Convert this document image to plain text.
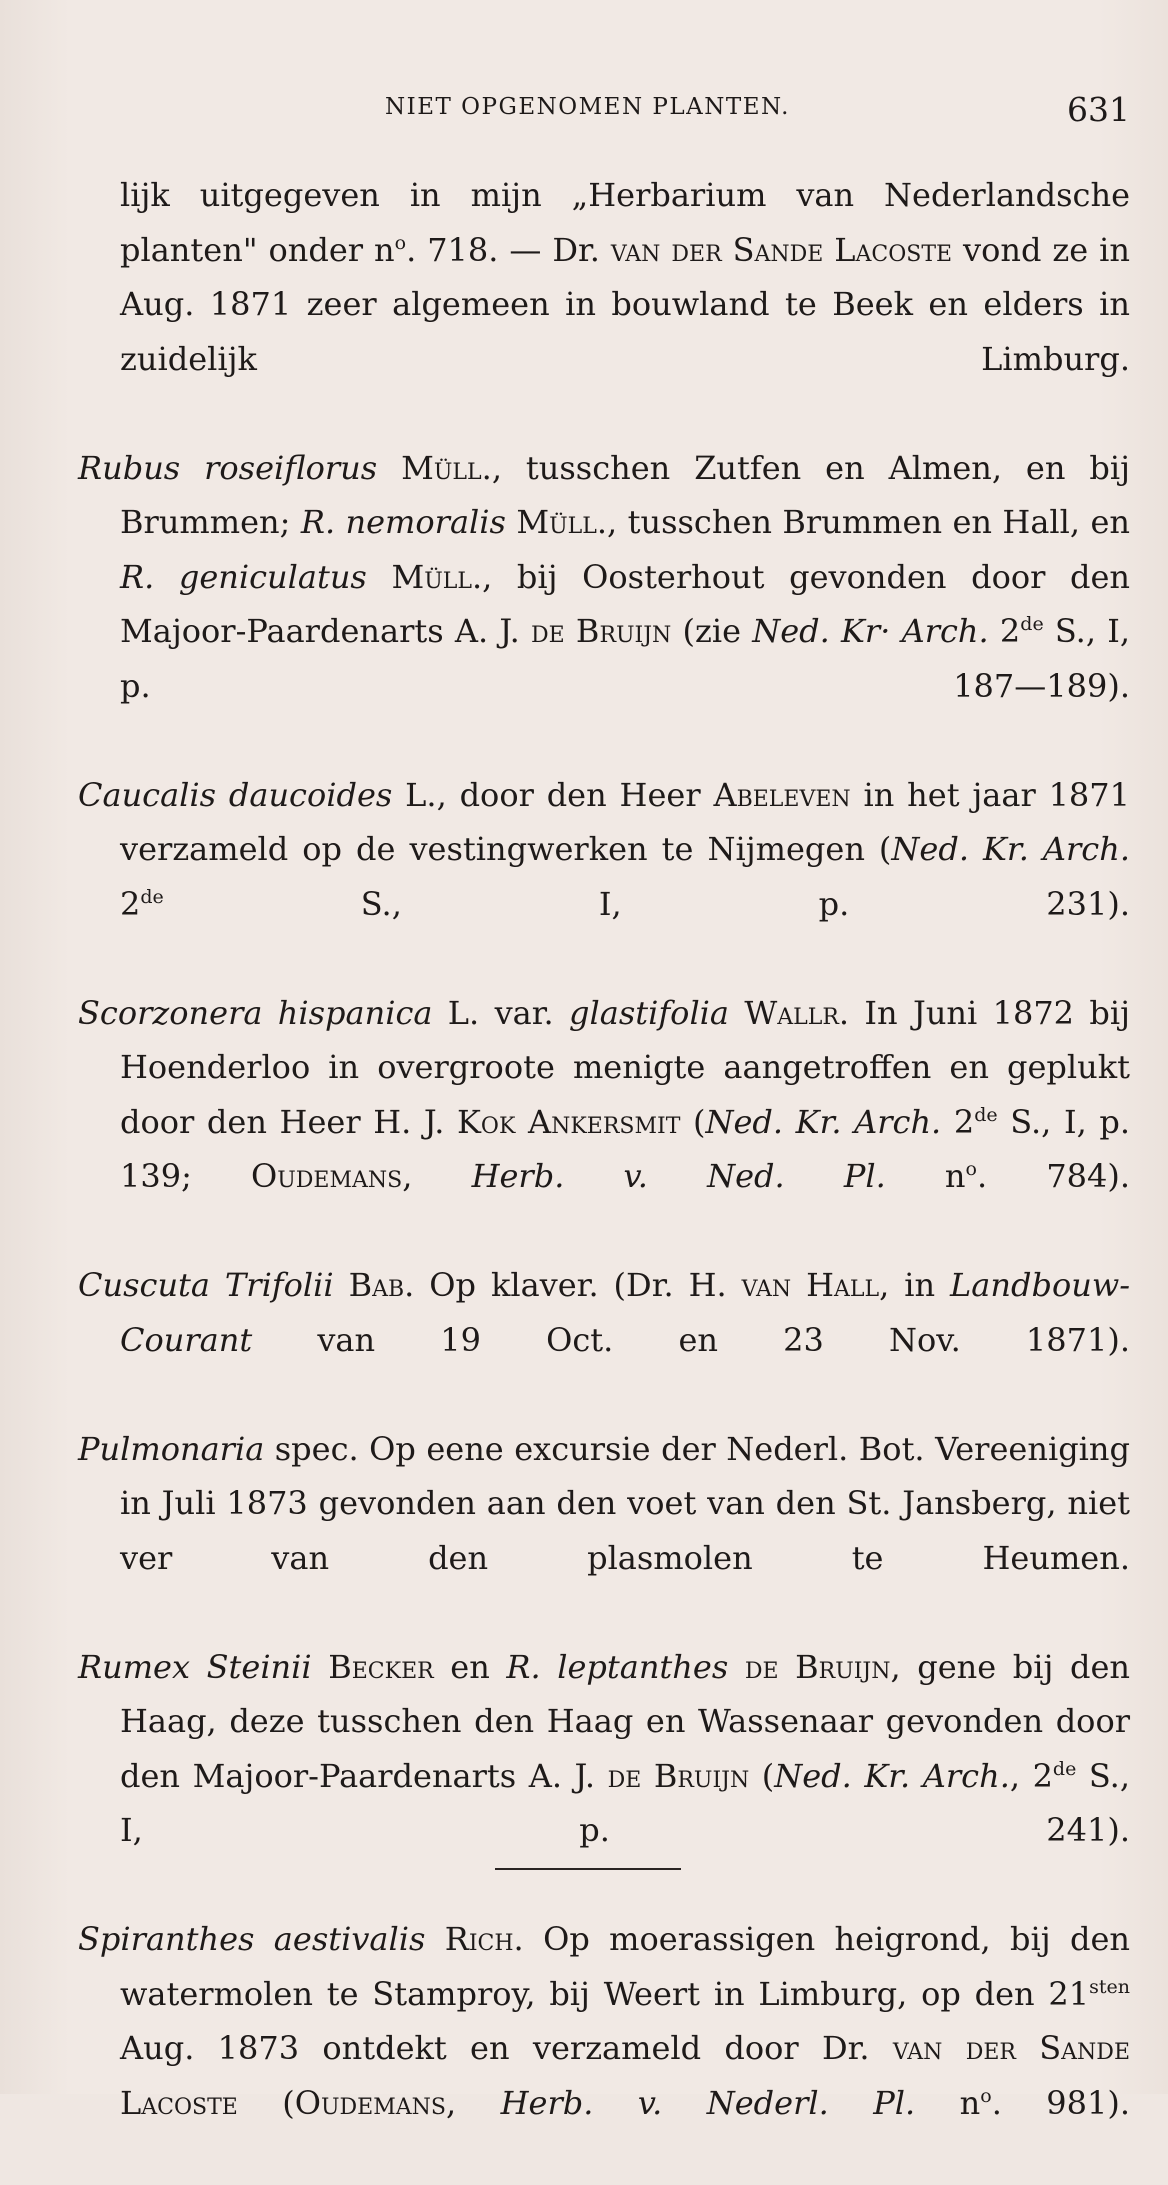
NIET OPGENOMEN PLANTEN.	631

lijk uitgegeven in mijn „Herbarium van Nederlandsche planten" onder $n^o$. 718. — Dr. van der Sande Lacoste vond ze in Aug. 1871 zeer algemeen in bouwland te Beek en elders in zuidelijk Limburg.

Rubus roseiflorus Müll., tusschen Zutfen en Almen, en bij Brummen; R. nemoralis Müll., tusschen Brummen en Hall, en R. geniculatus Müll., bij Oosterhout gevonden door den Majoor-Paardenarts A. J. de Bruijn (zie Ned. Kr· Arch. 2de S., I, p. 187—189).

Caucalis daucoides L., door den Heer Abeleven in het jaar 1871 verzameld op de vestingwerken te Nijmegen (Ned. Kr. Arch. 2de S., I, p. 231).

Scorzonera hispanica L. var. glastifolia Wallr. In Juni 1872 bij Hoenderloo in overgroote menigte aangetroffen en geplukt door den Heer H. J. Kok Ankersmit (Ned. Kr. Arch. 2de S., I, p. 139; Oudemans, Herb. v. Ned. Pl. $n^o$. 784).

Cuscuta Trifolii Bab. Op klaver. (Dr. H. van Hall, in Landbouw-Courant van 19 Oct. en 23 Nov. 1871).

Pulmonaria spec. Op eene excursie der Nederl. Bot. Vereeniging in Juli 1873 gevonden aan den voet van den St. Jansberg, niet ver van den plasmolen te Heumen.

Rumex Steinii Becker en R. leptanthes de Bruijn, gene bij den Haag, deze tusschen den Haag en Wassenaar gevonden door den Majoor-Paardenarts A. J. de Bruijn (Ned. Kr. Arch., 2de S., I, p. 241).

Spiranthes aestivalis Rich. Op moerassigen heigrond, bij den watermolen te Stamproy, bij Weert in Limburg, op den $21^{sten}$ Aug. 1873 ontdekt en verzameld door Dr. van der Sande Lacoste (Oudemans, Herb. v. Nederl. Pl. $n^o$. 981).
